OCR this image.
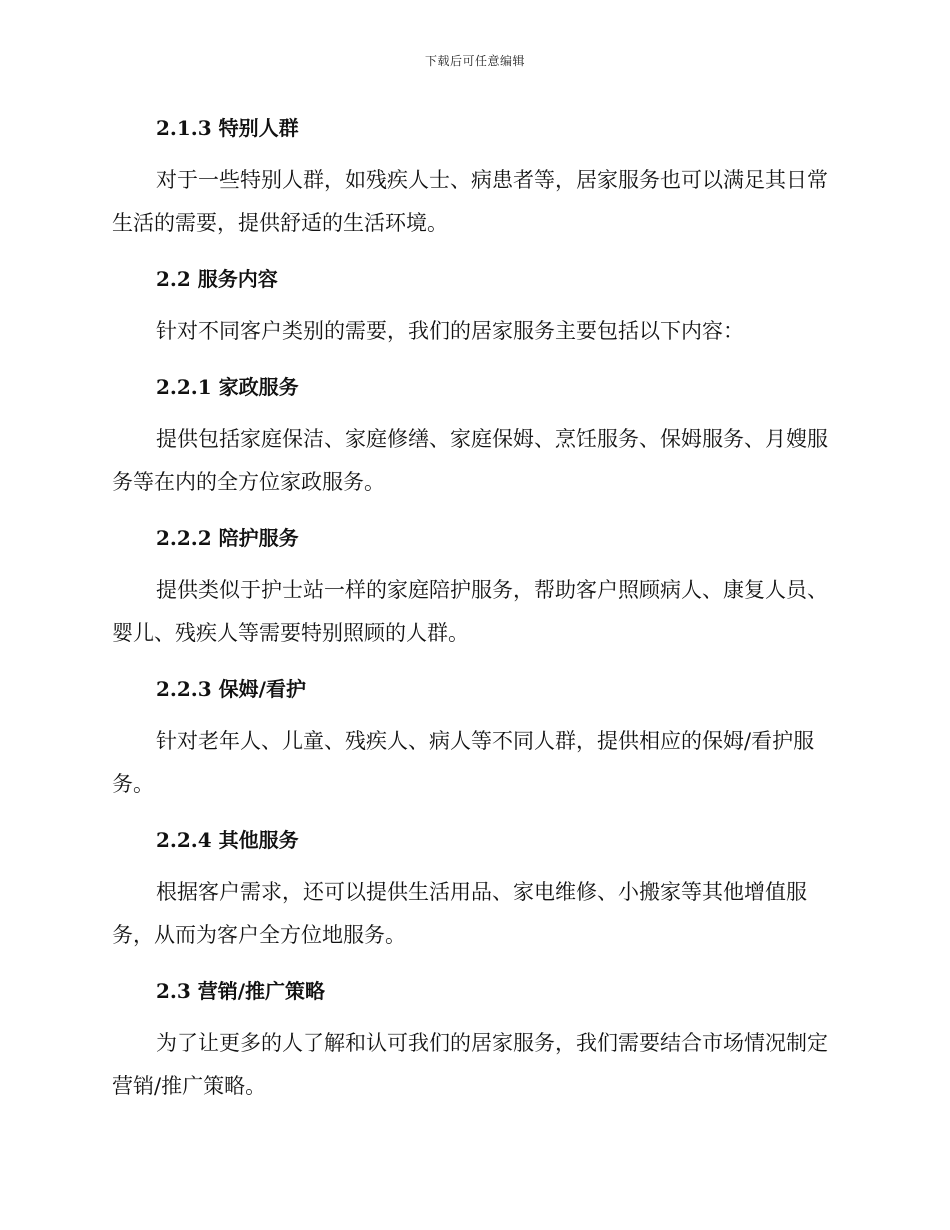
下载后可任意编辑
2.1.3 特别人群
对于一些特别人群，如残疾人士、病患者等，居家服务也可以满足其日常生活的需要，提供舒适的生活环境。
2.2 服务内容
针对不同客户类别的需要，我们的居家服务主要包括以下内容：
2.2.1 家政服务
提供包括家庭保洁、家庭修缮、家庭保姆、烹饪服务、保姆服务、月嫂服务等在内的全方位家政服务。
2.2.2 陪护服务
提供类似于护士站一样的家庭陪护服务，帮助客户照顾病人、康复人员、婴儿、残疾人等需要特别照顾的人群。
2.2.3 保姆/看护
针对老年人、儿童、残疾人、病人等不同人群，提供相应的保姆/看护服务。
2.2.4 其他服务
根据客户需求，还可以提供生活用品、家电维修、小搬家等其他增值服务，从而为客户全方位地服务。
2.3 营销/推广策略
为了让更多的人了解和认可我们的居家服务，我们需要结合市场情况制定营销/推广策略。
